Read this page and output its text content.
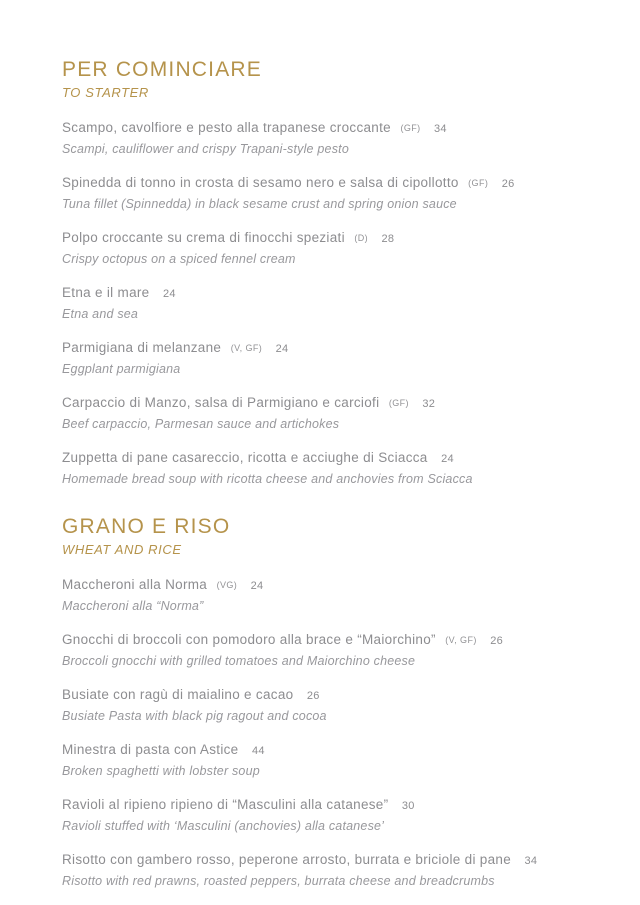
PER COMINCIARE
TO STARTER
Scampo, cavolfiore e pesto alla trapanese croccante (GF) 34
Scampi, cauliflower and crispy Trapani-style pesto
Spinedda di tonno in crosta di sesamo nero e salsa di cipollotto (GF) 26
Tuna fillet (Spinnedda) in black sesame crust and spring onion sauce
Polpo croccante su crema di finocchi speziati (D) 28
Crispy octopus on a spiced fennel cream
Etna e il mare 24
Etna and sea
Parmigiana di melanzane (V, GF) 24
Eggplant parmigiana
Carpaccio di Manzo, salsa di Parmigiano e carciofi (GF) 32
Beef carpaccio, Parmesan sauce and artichokes
Zuppetta di pane casareccio, ricotta e acciughe di Sciacca 24
Homemade bread soup with ricotta cheese and anchovies from Sciacca
GRANO E RISO
WHEAT AND RICE
Maccheroni alla Norma (VG) 24
Maccheroni alla “Norma”
Gnocchi di broccoli con pomodoro alla brace e “Maiorchino” (V, GF) 26
Broccoli gnocchi with grilled tomatoes and Maiorchino cheese
Busiate con ragù di maialino e cacao 26
Busiate Pasta with black pig ragout and cocoa
Minestra di pasta con Astice 44
Broken spaghetti with lobster soup
Ravioli al ripieno ripieno di “Masculini alla catanese” 30
Ravioli stuffed with ‘Masculini (anchovies) alla catanese’
Risotto con gambero rosso, peperone arrosto, burrata e briciole di pane 34
Risotto with red prawns, roasted peppers, burrata cheese and breadcrumbs
